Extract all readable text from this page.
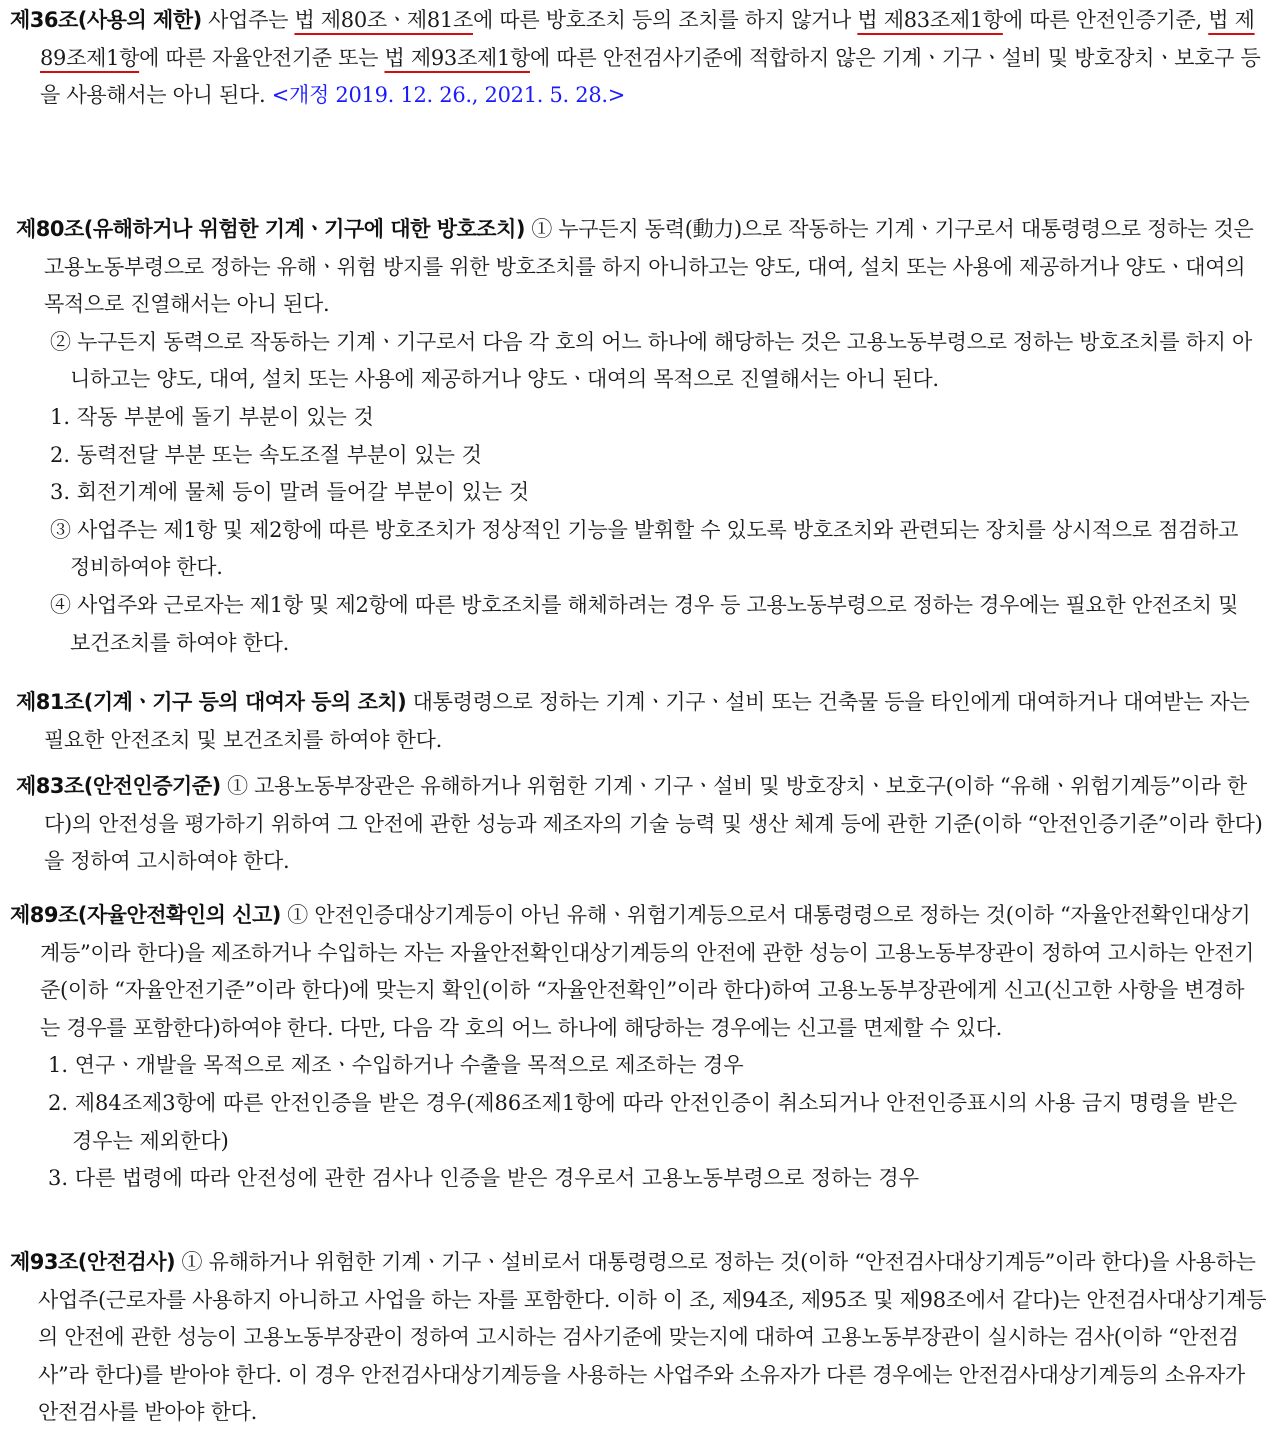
제36조(사용의 제한) 사업주는 법 제80조ㆍ제81조에 따른 방호조치 등의 조치를 하지 않거나 법 제83조제1항에 따른 안전인증기준, 법 제89조제1항에 따른 자율안전기준 또는 법 제93조제1항에 따른 안전검사기준에 적합하지 않은 기계ㆍ기구ㆍ설비 및 방호장치ㆍ보호구 등을 사용해서는 아니 된다. <개정 2019. 12. 26., 2021. 5. 28.>

제80조(유해하거나 위험한 기계ㆍ기구에 대한 방호조치) ① 누구든지 동력(動力)으로 작동하는 기계ㆍ기구로서 대통령령으로 정하는 것은 고용노동부령으로 정하는 유해ㆍ위험 방지를 위한 방호조치를 하지 아니하고는 양도, 대여, 설치 또는 사용에 제공하거나 양도ㆍ대여의 목적으로 진열해서는 아니 된다.

② 누구든지 동력으로 작동하는 기계ㆍ기구로서 다음 각 호의 어느 하나에 해당하는 것은 고용노동부령으로 정하는 방호조치를 하지 아니하고는 양도, 대여, 설치 또는 사용에 제공하거나 양도ㆍ대여의 목적으로 진열해서는 아니 된다.

1. 작동 부분에 돌기 부분이 있는 것

2. 동력전달 부분 또는 속도조절 부분이 있는 것

3. 회전기계에 물체 등이 말려 들어갈 부분이 있는 것

③ 사업주는 제1항 및 제2항에 따른 방호조치가 정상적인 기능을 발휘할 수 있도록 방호조치와 관련되는 장치를 상시적으로 점검하고 정비하여야 한다.

④ 사업주와 근로자는 제1항 및 제2항에 따른 방호조치를 해체하려는 경우 등 고용노동부령으로 정하는 경우에는 필요한 안전조치 및 보건조치를 하여야 한다.

제81조(기계ㆍ기구 등의 대여자 등의 조치) 대통령령으로 정하는 기계ㆍ기구ㆍ설비 또는 건축물 등을 타인에게 대여하거나 대여받는 자는 필요한 안전조치 및 보건조치를 하여야 한다.

제83조(안전인증기준) ① 고용노동부장관은 유해하거나 위험한 기계ㆍ기구ㆍ설비 및 방호장치ㆍ보호구(이하 “유해ㆍ위험기계등”이라 한다)의 안전성을 평가하기 위하여 그 안전에 관한 성능과 제조자의 기술 능력 및 생산 체계 등에 관한 기준(이하 “안전인증기준”이라 한다)을 정하여 고시하여야 한다.

제89조(자율안전확인의 신고) ① 안전인증대상기계등이 아닌 유해ㆍ위험기계등으로서 대통령령으로 정하는 것(이하 “자율안전확인대상기계등”이라 한다)을 제조하거나 수입하는 자는 자율안전확인대상기계등의 안전에 관한 성능이 고용노동부장관이 정하여 고시하는 안전기준(이하 “자율안전기준”이라 한다)에 맞는지 확인(이하 “자율안전확인”이라 한다)하여 고용노동부장관에게 신고(신고한 사항을 변경하는 경우를 포함한다)하여야 한다. 다만, 다음 각 호의 어느 하나에 해당하는 경우에는 신고를 면제할 수 있다.

1. 연구ㆍ개발을 목적으로 제조ㆍ수입하거나 수출을 목적으로 제조하는 경우

2. 제84조제3항에 따른 안전인증을 받은 경우(제86조제1항에 따라 안전인증이 취소되거나 안전인증표시의 사용 금지 명령을 받은 경우는 제외한다)

3. 다른 법령에 따라 안전성에 관한 검사나 인증을 받은 경우로서 고용노동부령으로 정하는 경우

제93조(안전검사) ① 유해하거나 위험한 기계ㆍ기구ㆍ설비로서 대통령령으로 정하는 것(이하 “안전검사대상기계등”이라 한다)을 사용하는 사업주(근로자를 사용하지 아니하고 사업을 하는 자를 포함한다. 이하 이 조, 제94조, 제95조 및 제98조에서 같다)는 안전검사대상기계등의 안전에 관한 성능이 고용노동부장관이 정하여 고시하는 검사기준에 맞는지에 대하여 고용노동부장관이 실시하는 검사(이하 “안전검사”라 한다)를 받아야 한다. 이 경우 안전검사대상기계등을 사용하는 사업주와 소유자가 다른 경우에는 안전검사대상기계등의 소유자가 안전검사를 받아야 한다.
